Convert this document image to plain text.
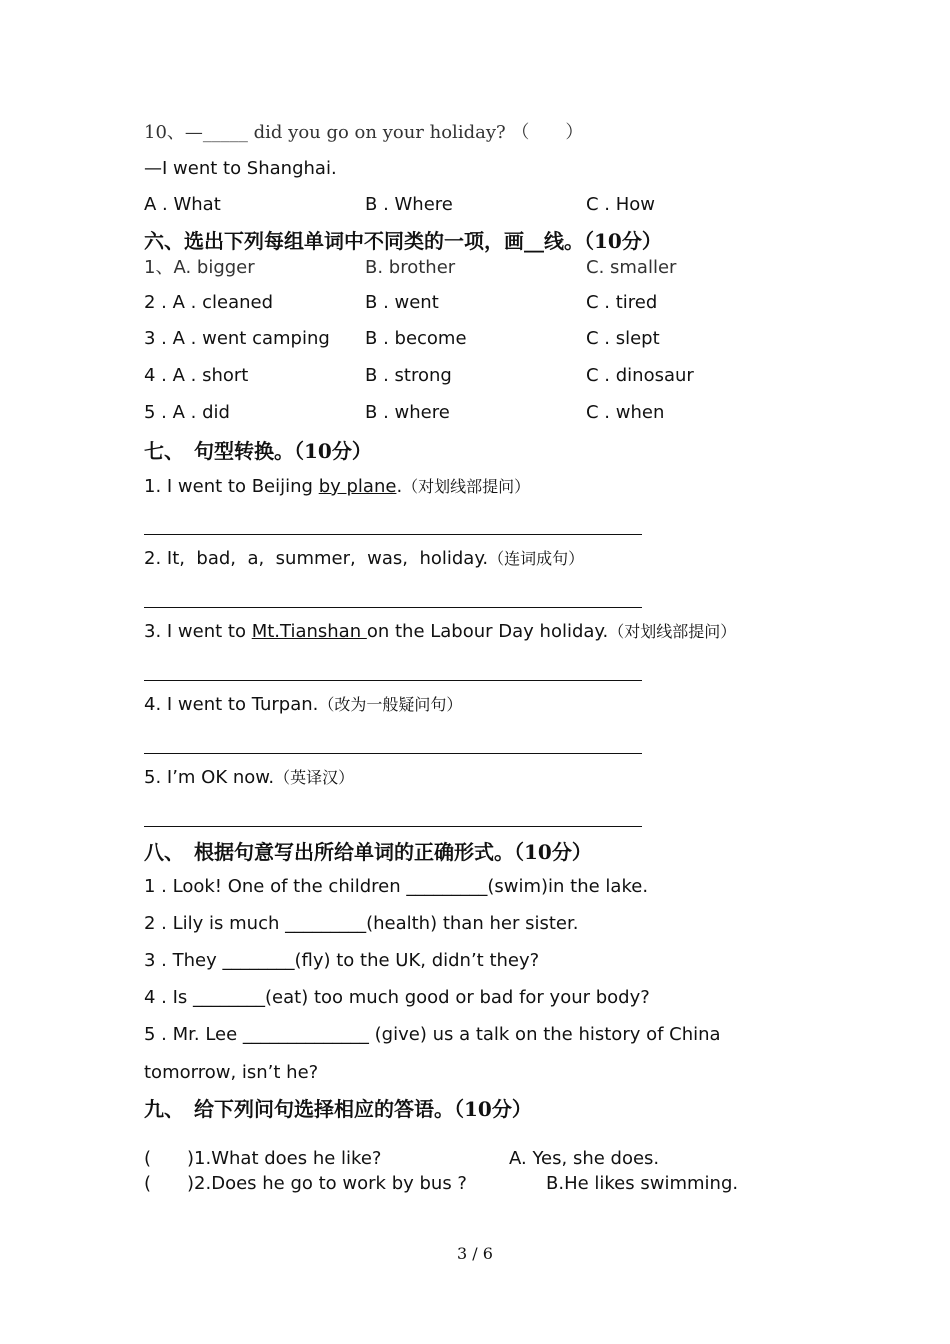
10、—_____ did you go on your holiday? （　　）
—I went to Shanghai.
A . What	B . Where	C . How
六、选出下列每组单词中不同类的一项，画__线。（10分）
1、A. bigger	B. brother	C. smaller
2 . A . cleaned	B . went	C . tired
3 . A . went camping B . become	C . slept
4 . A . short	B . strong	C . dinosaur
5 . A . did	B . where	C . when
七、　句型转换。（10分）
1. I went to Beijing by plane.（对划线部提问）
2. It,  bad,  a,  summer,  was,  holiday.（连词成句）
3. I went to Mt.Tianshan on the Labour Day holiday.（对划线部提问）
4. I went to Turpan.（改为一般疑问句）
5. I’m OK now.（英译汉）
八、　根据句意写出所给单词的正确形式。（10分）
1 . Look! One of the children _________(swim)in the lake.
2 . Lily is much _________(health) than her sister.
3 . They ________(fly) to the UK, didn’t they?
4 . Is ________(eat) too much good or bad for your body?
5 . Mr. Lee ______________ (give) us a talk on the history of China
tomorrow, isn’t he?
九、　给下列问句选择相应的答语。（10分）
(　　)1.What does he like?	A. Yes, she does.
(　　)2.Does he go to work by bus ?	B.He likes swimming.
3 / 6
